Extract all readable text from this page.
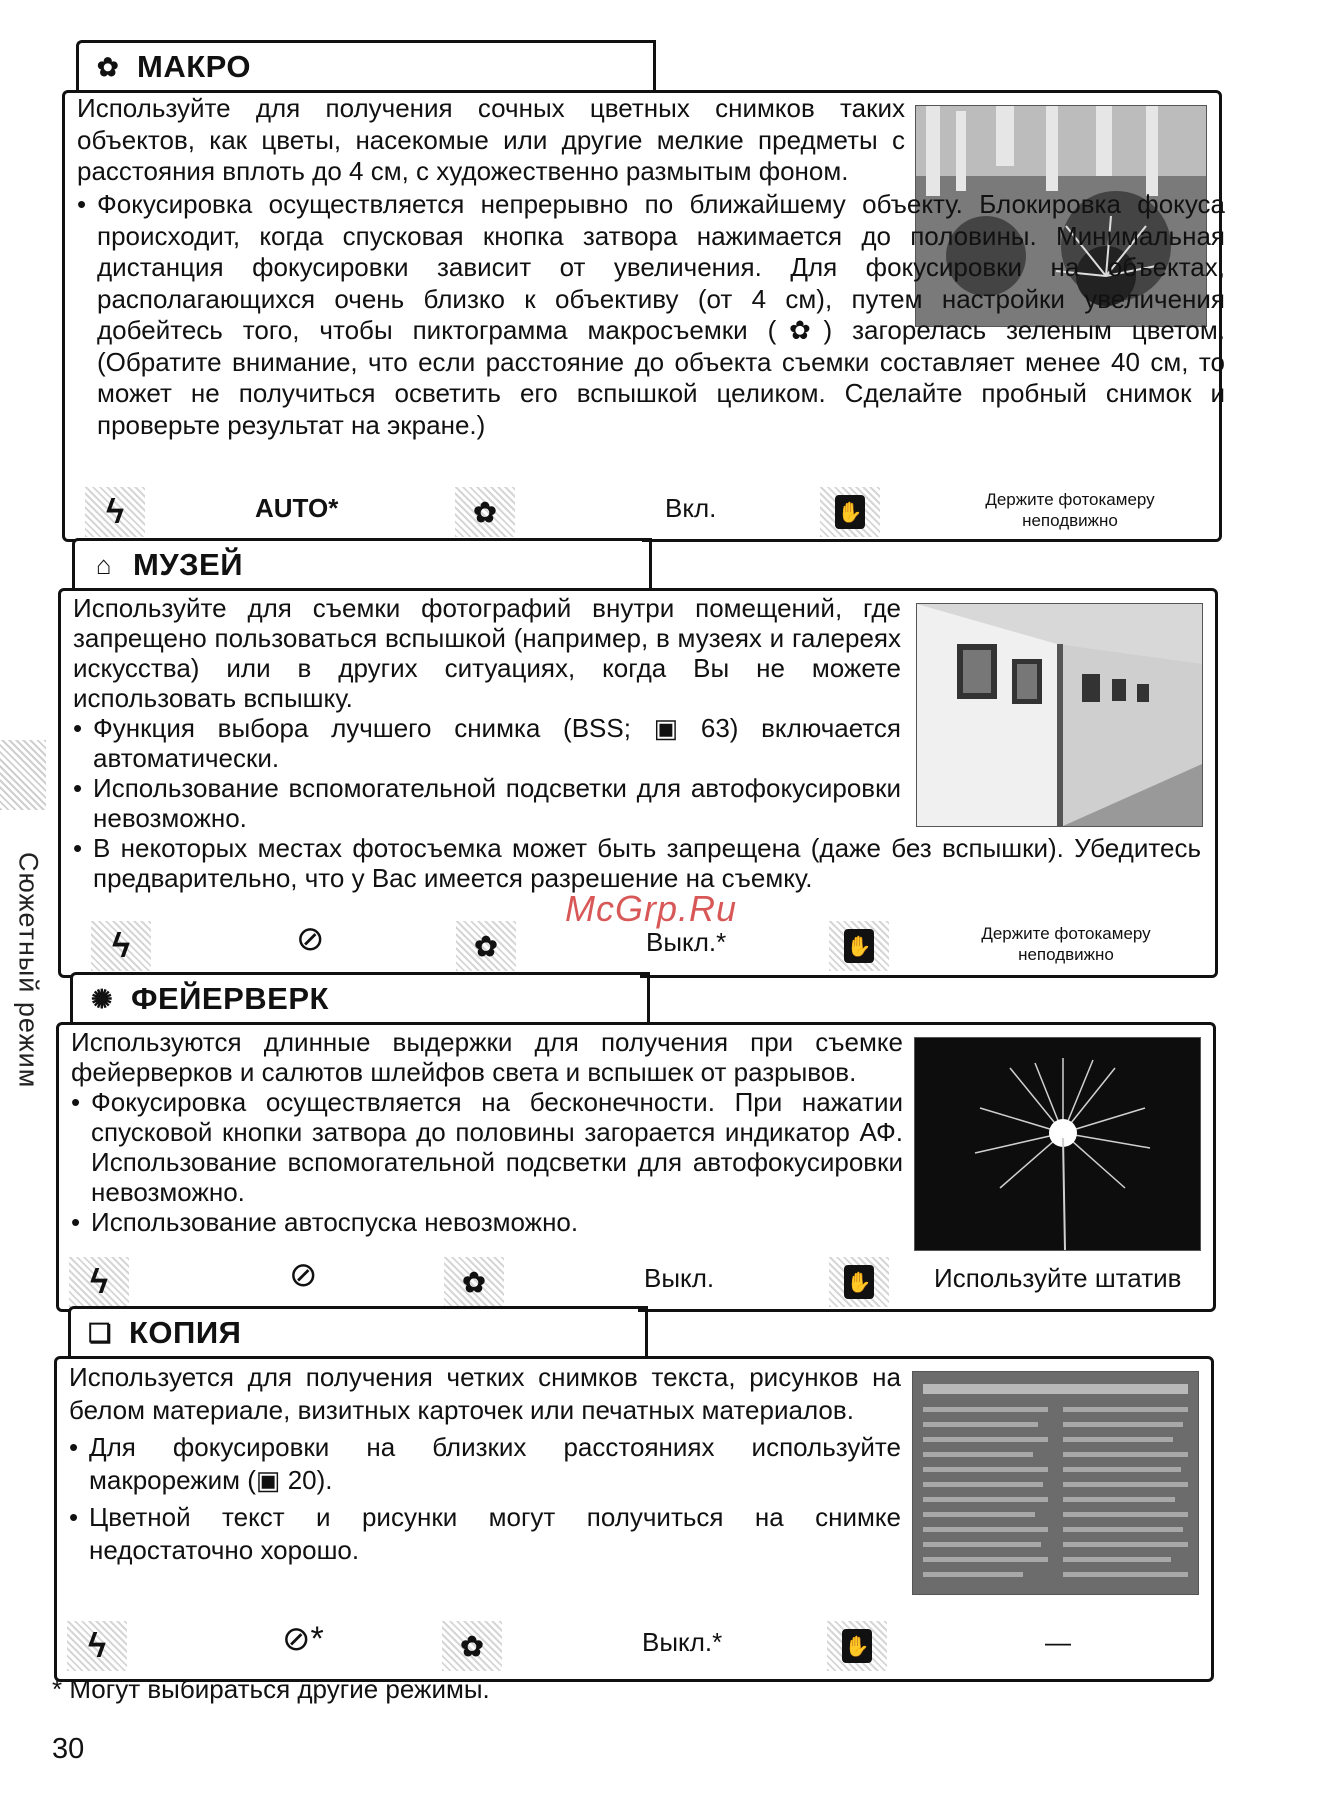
Сюжетный режим
✿ МАКРО
Используйте для получения сочных цветных снимков таких объектов, как цветы, насекомые или другие мелкие предметы с расстояния вплоть до 4 см, с художественно размытым фоном.
• Фокусировка осуществляется непрерывно по ближайшему объекту. Блокировка фокуса происходит, когда спусковая кнопка затвора нажимается до половины. Минимальная дистанция фокусировки зависит от увеличения. Для фокусировки на объектах, располагающихся очень близко к объективу (от 4 см), путем настройки увеличения добейтесь того, чтобы пиктограмма макросъемки (✿) загорелась зеленым цветом. (Обратите внимание, что если расстояние до объекта съемки составляет менее 40 см, то может не получиться осветить его вспышкой целиком. Сделайте пробный снимок и проверьте результат на экране.)
ϟ	AUTO*	✿	Вкл.	✋
Держите фотокамеру неподвижно
⌂ МУЗЕЙ
Используйте для съемки фотографий внутри помещений, где запрещено пользоваться вспышкой (например, в музеях и галереях искусства) или в других ситуациях, когда Вы не можете использовать вспышку.
• Функция выбора лучшего снимка (BSS; ▣ 63) включается автоматически.
• Использование вспомогательной подсветки для автофокусировки невозможно.
• В некоторых местах фотосъемка может быть запрещена (даже без вспышки). Убедитесь предварительно, что у Вас имеется разрешение на съемку.
ϟ	⊘	✿	Выкл.*	✋
Держите фотокамеру неподвижно
McGrp.Ru
✺ ФЕЙЕРВЕРК
Используются длинные выдержки для получения при съемке фейерверков и салютов шлейфов света и вспышек от разрывов.
• Фокусировка осуществляется на бесконечности. При нажатии спусковой кнопки затвора до половины загорается индикатор АФ. Использование вспомогательной подсветки для автофокусировки невозможно.
• Использование автоспуска невозможно.
ϟ	⊘	✿	Выкл.	✋ Используйте штатив
❏ КОПИЯ
Используется для получения четких снимков текста, рисунков на белом материале, визитных карточек или печатных материалов.
• Для фокусировки на близких расстояниях используйте макрорежим (▣ 20).
• Цветной текст и рисунки могут получиться на снимке недостаточно хорошо.
ϟ	⊘*	✿	Выкл.*	✋	—
* Могут выбираться другие режимы.
30
